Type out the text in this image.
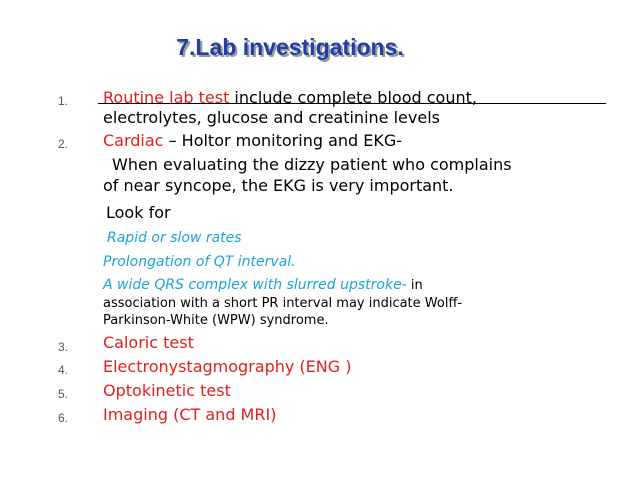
7.Lab investigations.
1. Routine lab test include complete blood count,
electrolytes, glucose and creatinine levels
2. Cardiac – Holtor monitoring and EKG-
When evaluating the dizzy patient who complains
of near syncope, the EKG is very important.
Look for
Rapid or slow rates
Prolongation of QT interval.
A wide QRS complex with slurred upstroke- in
association with a short PR interval may indicate Wolff-
Parkinson-White (WPW) syndrome.
3. Caloric test
4. Electronystagmography (ENG )
5. Optokinetic test
6. Imaging (CT and MRI)
